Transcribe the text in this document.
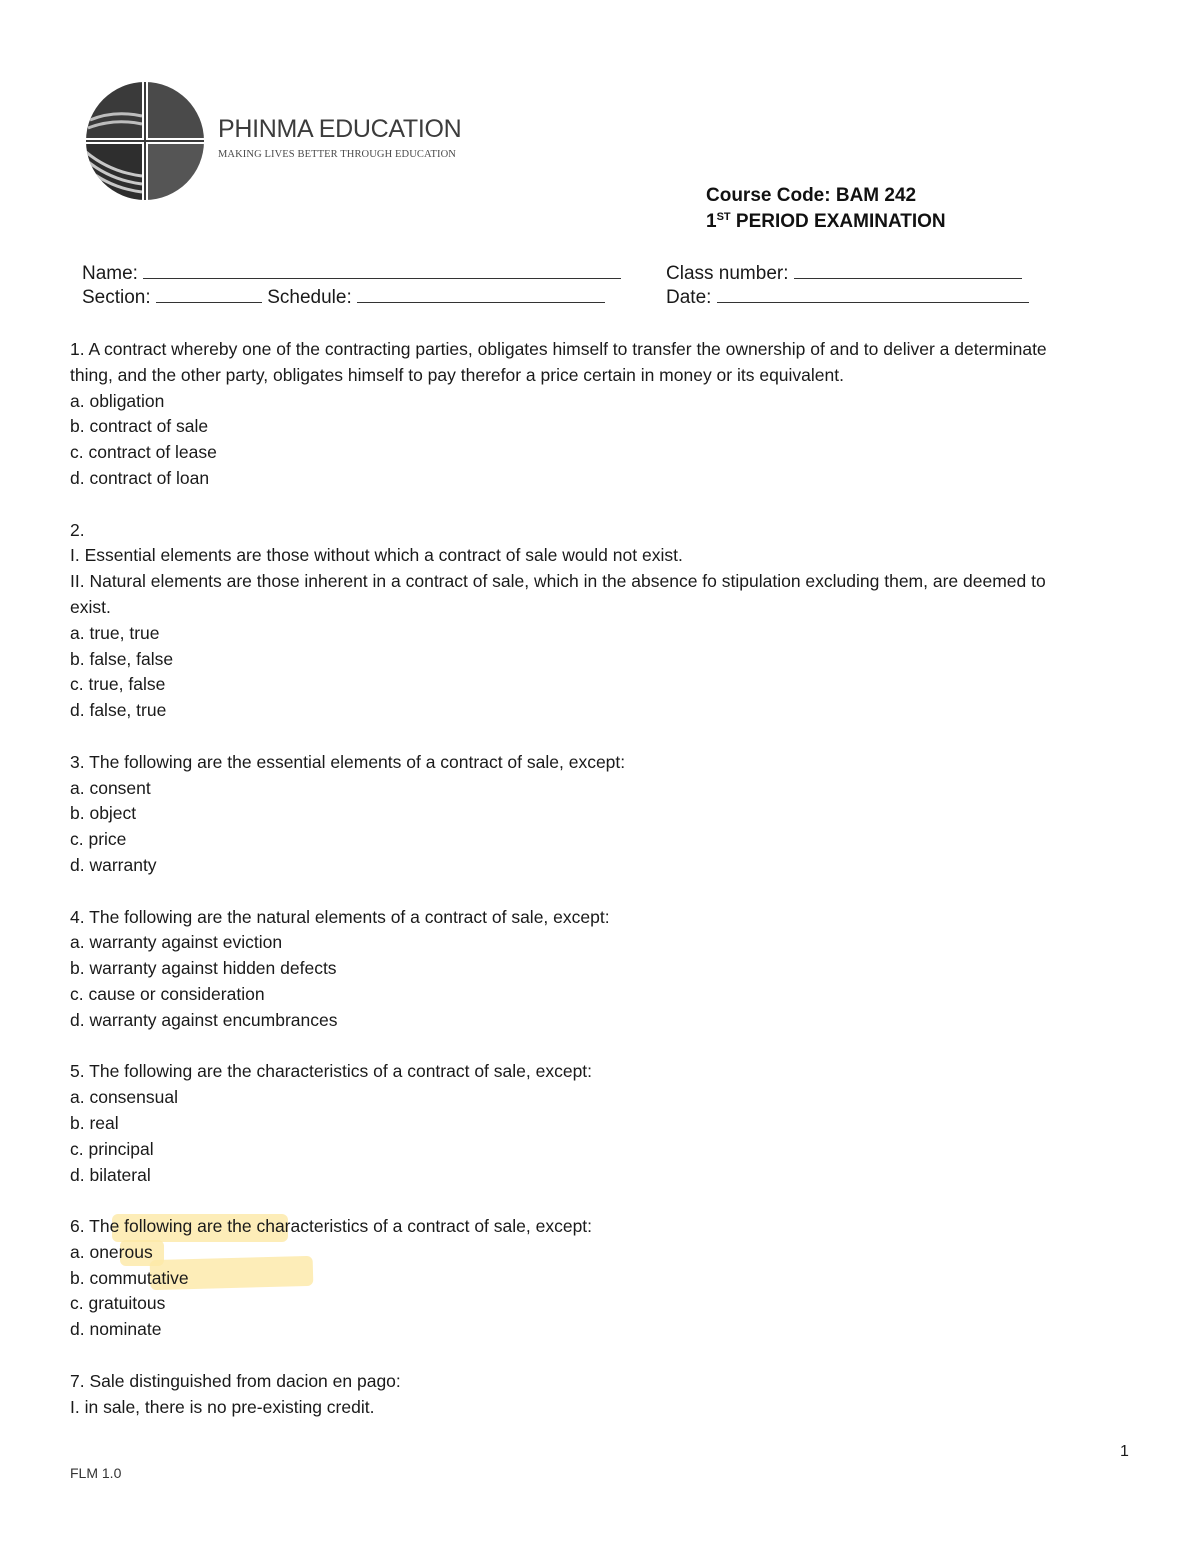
PHINMA EDUCATION
MAKING LIVES BETTER THROUGH EDUCATION
Course Code: BAM 242
1ST PERIOD EXAMINATION
Name:	Class number:
Section:	Schedule:	Date:

1. A contract whereby one of the contracting parties, obligates himself to transfer the ownership of and to deliver a determinate thing, and the other party, obligates himself to pay therefor a price certain in money or its equivalent.

a. obligation

b. contract of sale

c. contract of lease

d. contract of loan

2.

I. Essential elements are those without which a contract of sale would not exist.

II. Natural elements are those inherent in a contract of sale, which in the absence fo stipulation excluding them, are deemed to exist.

a. true, true

b. false, false

c. true, false

d. false, true

3. The following are the essential elements of a contract of sale, except:

a. consent

b. object

c. price

d. warranty

4. The following are the natural elements of a contract of sale, except:

a. warranty against eviction

b. warranty against hidden defects

c. cause or consideration

d. warranty against encumbrances

5. The following are the characteristics of a contract of sale, except:

a. consensual

b. real

c. principal

d. bilateral

6. The following are the characteristics of a contract of sale, except:

a. onerous

b. commutative

c. gratuitous

d. nominate

7. Sale distinguished from dacion en pago:

I. in sale, there is no pre-existing credit.

1
FLM 1.0
